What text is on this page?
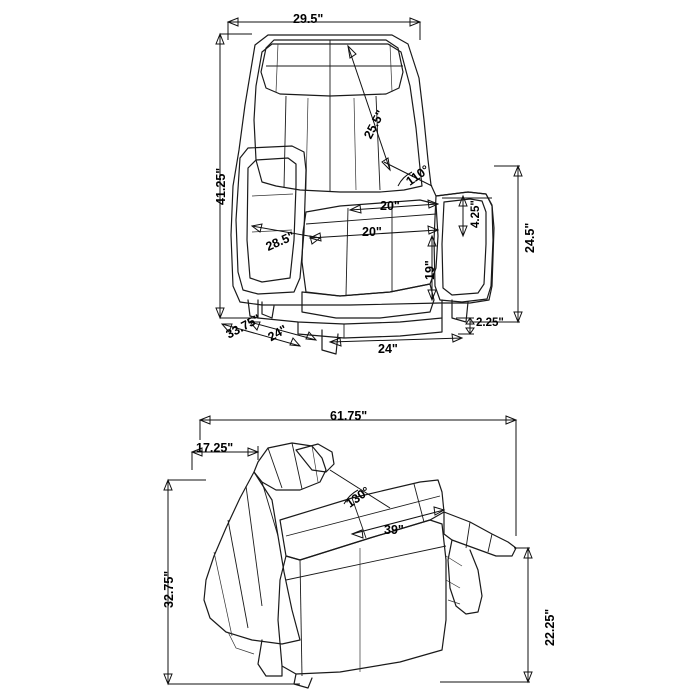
29.5"
41.25"
25.5"
110°
20"
20"
4.25"
24.5"
28.5"
19"
33.75" 24"
24"
2.25"
61.75"
17.25"
130°
39"
32.75"
22.25"
